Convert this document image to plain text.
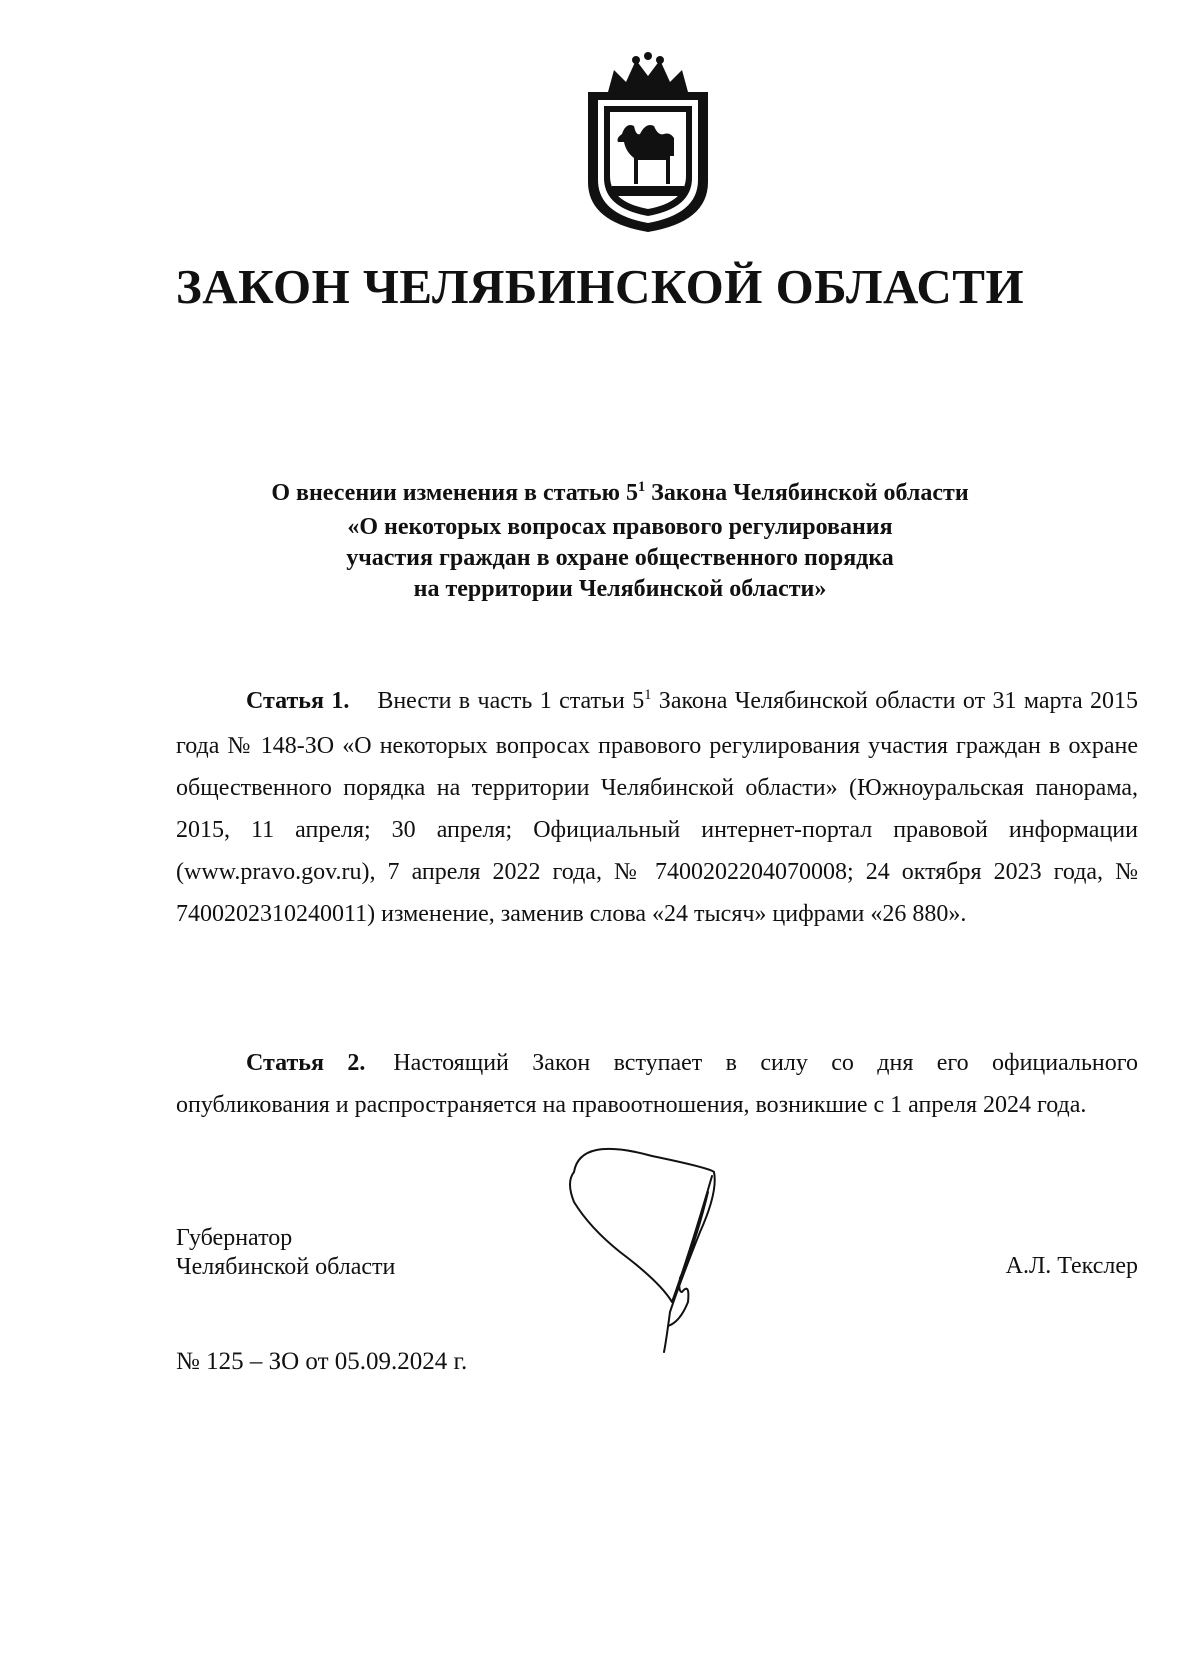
ЗАКОН ЧЕЛЯБИНСКОЙ ОБЛАСТИ
О внесении изменения в статью $5^1$ Закона Челябинской области
«О некоторых вопросах правового регулирования
участия граждан в охране общественного порядка
на территории Челябинской области»
Статья 1. Внести в часть 1 статьи $5^1$ Закона Челябинской области от 31 марта 2015 года № 148-ЗО «О некоторых вопросах правового регулирования участия граждан в охране общественного порядка на территории Челябинской области» (Южноуральская панорама, 2015, 11 апреля; 30 апреля; Официальный интернет-портал правовой информации (www.pravo.gov.ru), 7 апреля 2022 года, № 7400202204070008; 24 октября 2023 года, № 7400202310240011) изменение, заменив слова «24 тысяч» цифрами «26 880».
Статья 2. Настоящий Закон вступает в силу со дня его официального опубликования и распространяется на правоотношения, возникшие с 1 апреля 2024 года.
Губернатор
Челябинской области	А.Л. Текслер
№ 125 – ЗО от 05.09.2024 г.
